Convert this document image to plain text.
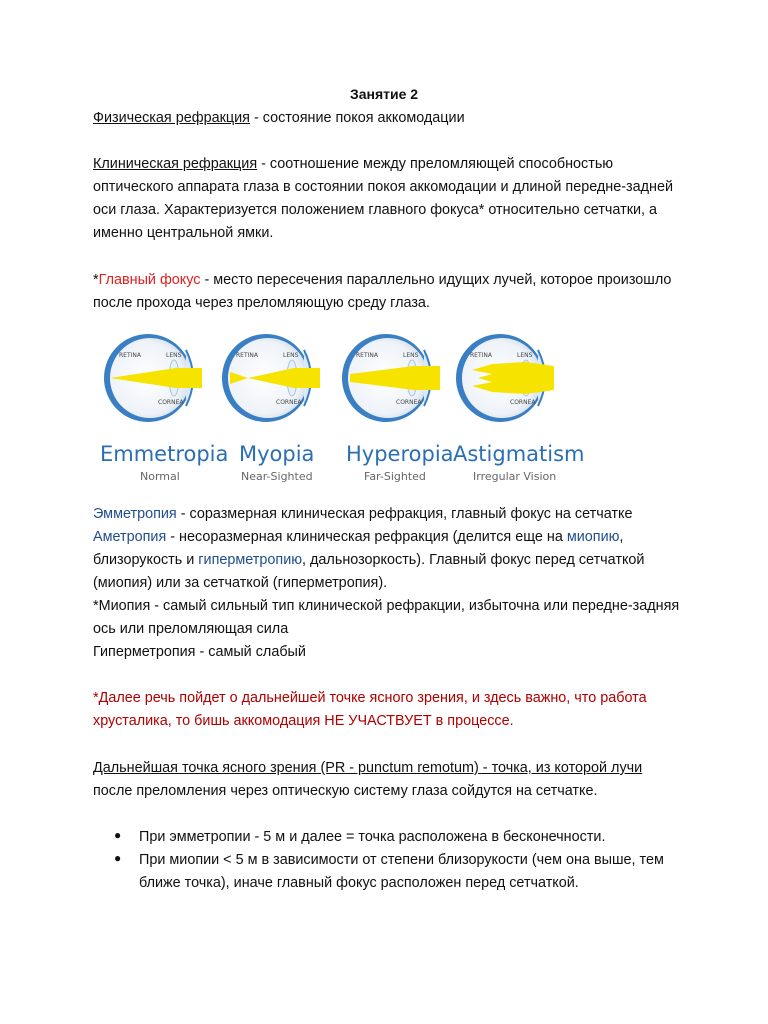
Занятие 2
Физическая рефракция - состояние покоя аккомодации
Клиническая рефракция - соотношение между преломляющей способностью
оптического аппарата глаза в состоянии покоя аккомодации и длиной передне-задней
оси глаза. Характеризуется положением главного фокуса* относительно сетчатки, а
именно центральной ямки.
*Главный фокус - место пересечения параллельно идущих лучей, которое произошло
после прохода через преломляющую среду глаза.
RETINA	LENS
CORNEA
RETINA	LENS
CORNEA
RETINA	LENS
CORNEA
RETINA	LENS
CORNEA
Emmetropia
Normal
Myopia
Near-Sighted
Hyperopia
Far-Sighted
Astigmatism
Irregular Vision
Эмметропия - соразмерная клиническая рефракция, главный фокус на сетчатке
Аметропия - несоразмерная клиническая рефракция (делится еще на миопию,
близорукость и гиперметропию, дальнозоркость). Главный фокус перед сетчаткой
(миопия) или за сетчаткой (гиперметропия).
*Миопия - самый сильный тип клинической рефракции, избыточна или передне-задняя
ось или преломляющая сила
Гиперметропия - самый слабый
*Далее речь пойдет о дальнейшей точке ясного зрения, и здесь важно, что работа
хрусталика, то бишь аккомодация НЕ УЧАСТВУЕТ в процессе.
Дальнейшая точка ясного зрения (PR - punctum remotum) - точка, из которой лучи
после преломления через оптическую систему глаза сойдутся на сетчатке.
● При эмметропии - 5 м и далее = точка расположена в бесконечности.
● При миопии < 5 м в зависимости от степени близорукости (чем она выше, тем
ближе точка), иначе главный фокус расположен перед сетчаткой.
